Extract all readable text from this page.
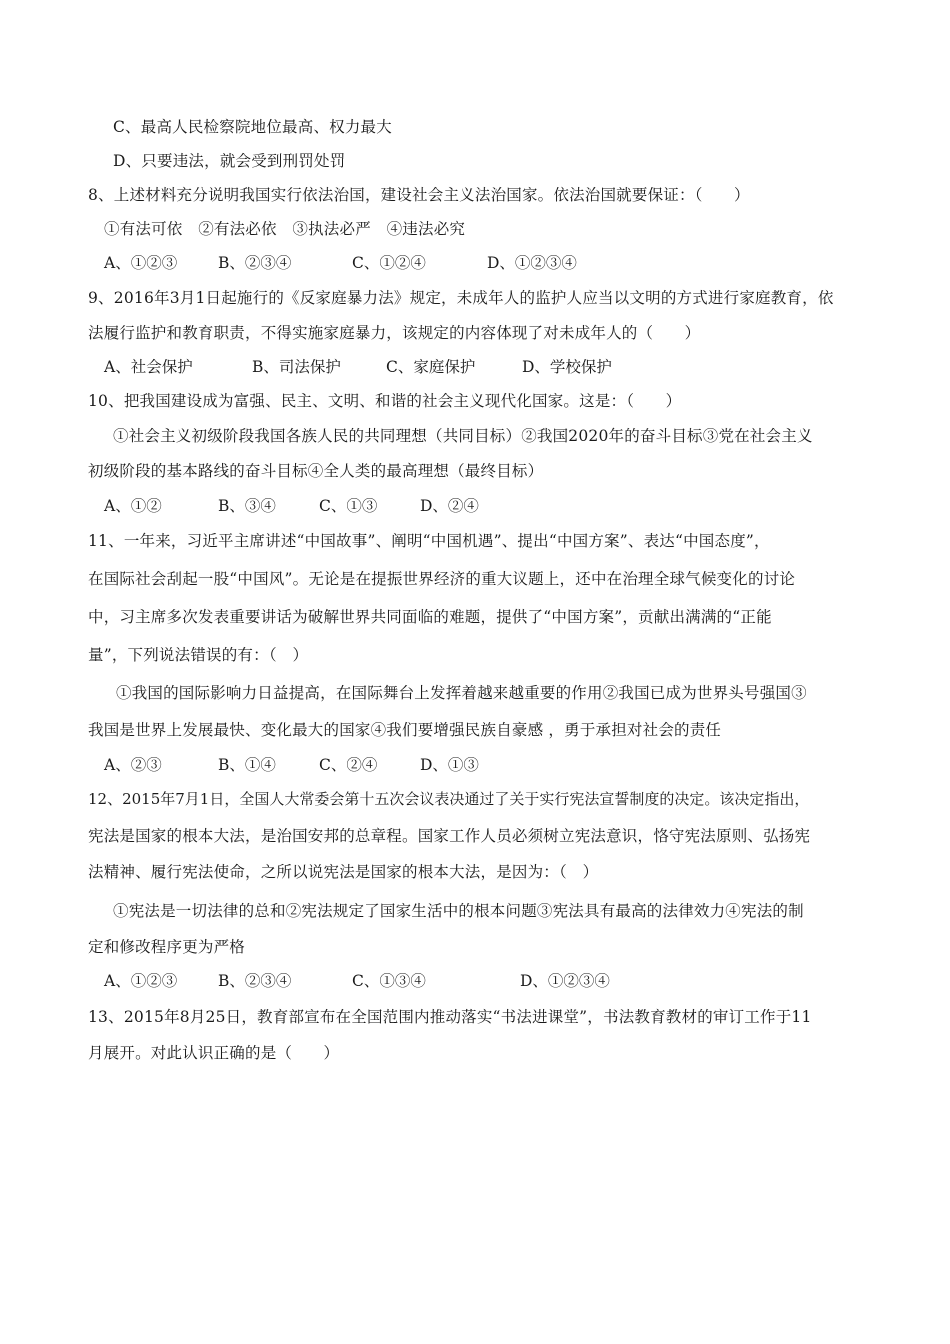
C、最高人民检察院地位最高、权力最大
D、只要违法，就会受到刑罚处罚
8、上述材料充分说明我国实行依法治国，建设社会主义法治国家。依法治国就要保证：（　　）
①有法可依　②有法必依　③执法必严　④违法必究
A、①②③	B、②③④	C、①②④	D、①②③④
9、2016年3月1日起施行的《反家庭暴力法》规定，未成年人的监护人应当以文明的方式进行家庭教育，依
法履行监护和教育职责，不得实施家庭暴力，该规定的内容体现了对未成年人的（　　）
A、社会保护	B、司法保护	C、家庭保护	D、学校保护
10、把我国建设成为富强、民主、文明、和谐的社会主义现代化国家。这是：（　　）
①社会主义初级阶段我国各族人民的共同理想（共同目标）②我国2020年的奋斗目标③党在社会主义
初级阶段的基本路线的奋斗目标④全人类的最高理想（最终目标）
A、①②	B、③④	C、①③	D、②④
11、一年来，习近平主席讲述“中国故事”、阐明“中国机遇”、提出“中国方案”、表达“中国态度”，
在国际社会刮起一股“中国风”。无论是在提振世界经济的重大议题上，还中在治理全球气候变化的讨论
中，习主席多次发表重要讲话为破解世界共同面临的难题，提供了“中国方案”，贡献出满满的“正能
量”，下列说法错误的有：（　）
①我国的国际影响力日益提高，在国际舞台上发挥着越来越重要的作用②我国已成为世界头号强国③
我国是世界上发展最快、变化最大的国家④我们要增强民族自豪感 ，勇于承担对社会的责任
A、②③	B、①④	C、②④	D、①③
12、2015年7月1日，全国人大常委会第十五次会议表决通过了关于实行宪法宣誓制度的决定。该决定指出，
宪法是国家的根本大法，是治国安邦的总章程。国家工作人员必须树立宪法意识，恪守宪法原则、弘扬宪
法精神、履行宪法使命，之所以说宪法是国家的根本大法，是因为：（　）
①宪法是一切法律的总和②宪法规定了国家生活中的根本问题③宪法具有最高的法律效力④宪法的制
定和修改程序更为严格
A、①②③	B、②③④	C、①③④	D、①②③④
13、2015年8月25日，教育部宣布在全国范围内推动落实“书法进课堂”，书法教育教材的审订工作于11
月展开。对此认识正确的是（　　）
